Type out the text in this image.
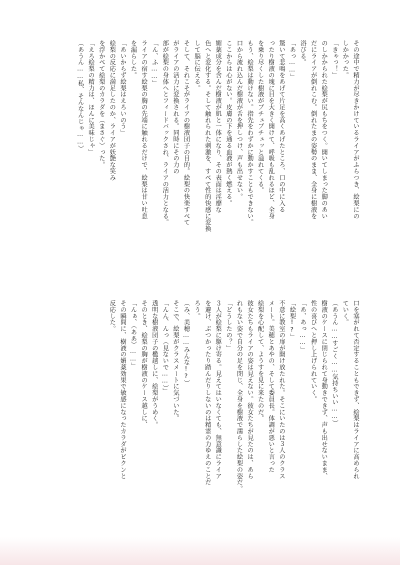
その途中で精力が尽きかけているライアがふらつき、絵梨にの
しかかった。
「きゃっ！」
のしかかられた絵梨が尻もちをつく。開いてしまった脚のあい
だにライアが倒れこむ。倒れたまの姿勢のまま、全身に樹液を
浴びる。
「あっ……」
驚いて悲鳴をあげて片足を高くあげたところ、口の中に入る
ったり樹液の塊に目を大きく開けて、呼吸も乱れるほど、全身
を乗り尽くした樹液がブチュブチュッと溢れてくる。
もう、絵梨は動けない。指先をわずかに動かすこともできない。
口から流れ込んだ樹液が舌を押しつけ、声も出せない。
ここからは心がない。皮膚の下を通る血液が熱く燃える。
媚薬成分を含んだ樹液が肌と一体になり、その表面は淫靡な
色へと変化する。そして触れられた刺激を、すべて性的快感に変換
して脳に伝える。
そして、それこそがライアの樹液団子の目的。絵梨の快楽すべて
がライアの活力に変換される。同時にその力の
部が絵梨の身体へとフィードバックされ、ライアの活力となる。
「ん、ふ……」
ライアの宿す絵梨の胸の先端に触れるだけで、絵梨は甘い吐息
を漏らした。
「あいからず絵梨はえろいのう」
絵梨の反応に満足したのか、ライアが妖艶な笑み
を浮かべて絵梨のカラダを（まさぐ）った。
「えろ絵梨の精力は、ほんに美味じゃ」
（あうん……私、そんなんじゃ……）
口を塞がれて否定することもできず、絵梨はライアに高められ
ていく。
（あうん……すごく……気持ちいい……）
樹液のケースに閉じられて身動きできず、声も出せないまま、
性の喜びへと押し上げられていく。
「あ、あっ……」
「絵梨!?」
不意に教室の扉が開け放たれた。そこにいたのは３人のクラス
メート。美穂とあやの、そして委員長。体調が悪いと言った
絵梨を心配して、ようすを見に来たのだ。
彼女たちもライアの姿は見えない。彼女たちが見たのは、あら
れもない姿で自分の足を閉じ、全身を樹液で濡らした絵梨の姿だ。
「どうしたの？」
３人が絵梨に駆け寄る。見えてはいなくても、無意識にライア
を避け、ぶつかったり踏んだりしないのは精霊の力ゆえのことだ
ろう。
（み、美穂……みんな!?）
そこで、絵梨がクラスメートに気づいた。
「んん、んっ（見ないで……）」
透明な樹液団子の檻越しに、絵梨がうめく。
そのとき、絵梨の胸が樹液のケース越しに、
「んぁ、（ああ）……」
その瞬間に、樹液の媚薬効果で敏感になったカラダがビクンと
反応した。
